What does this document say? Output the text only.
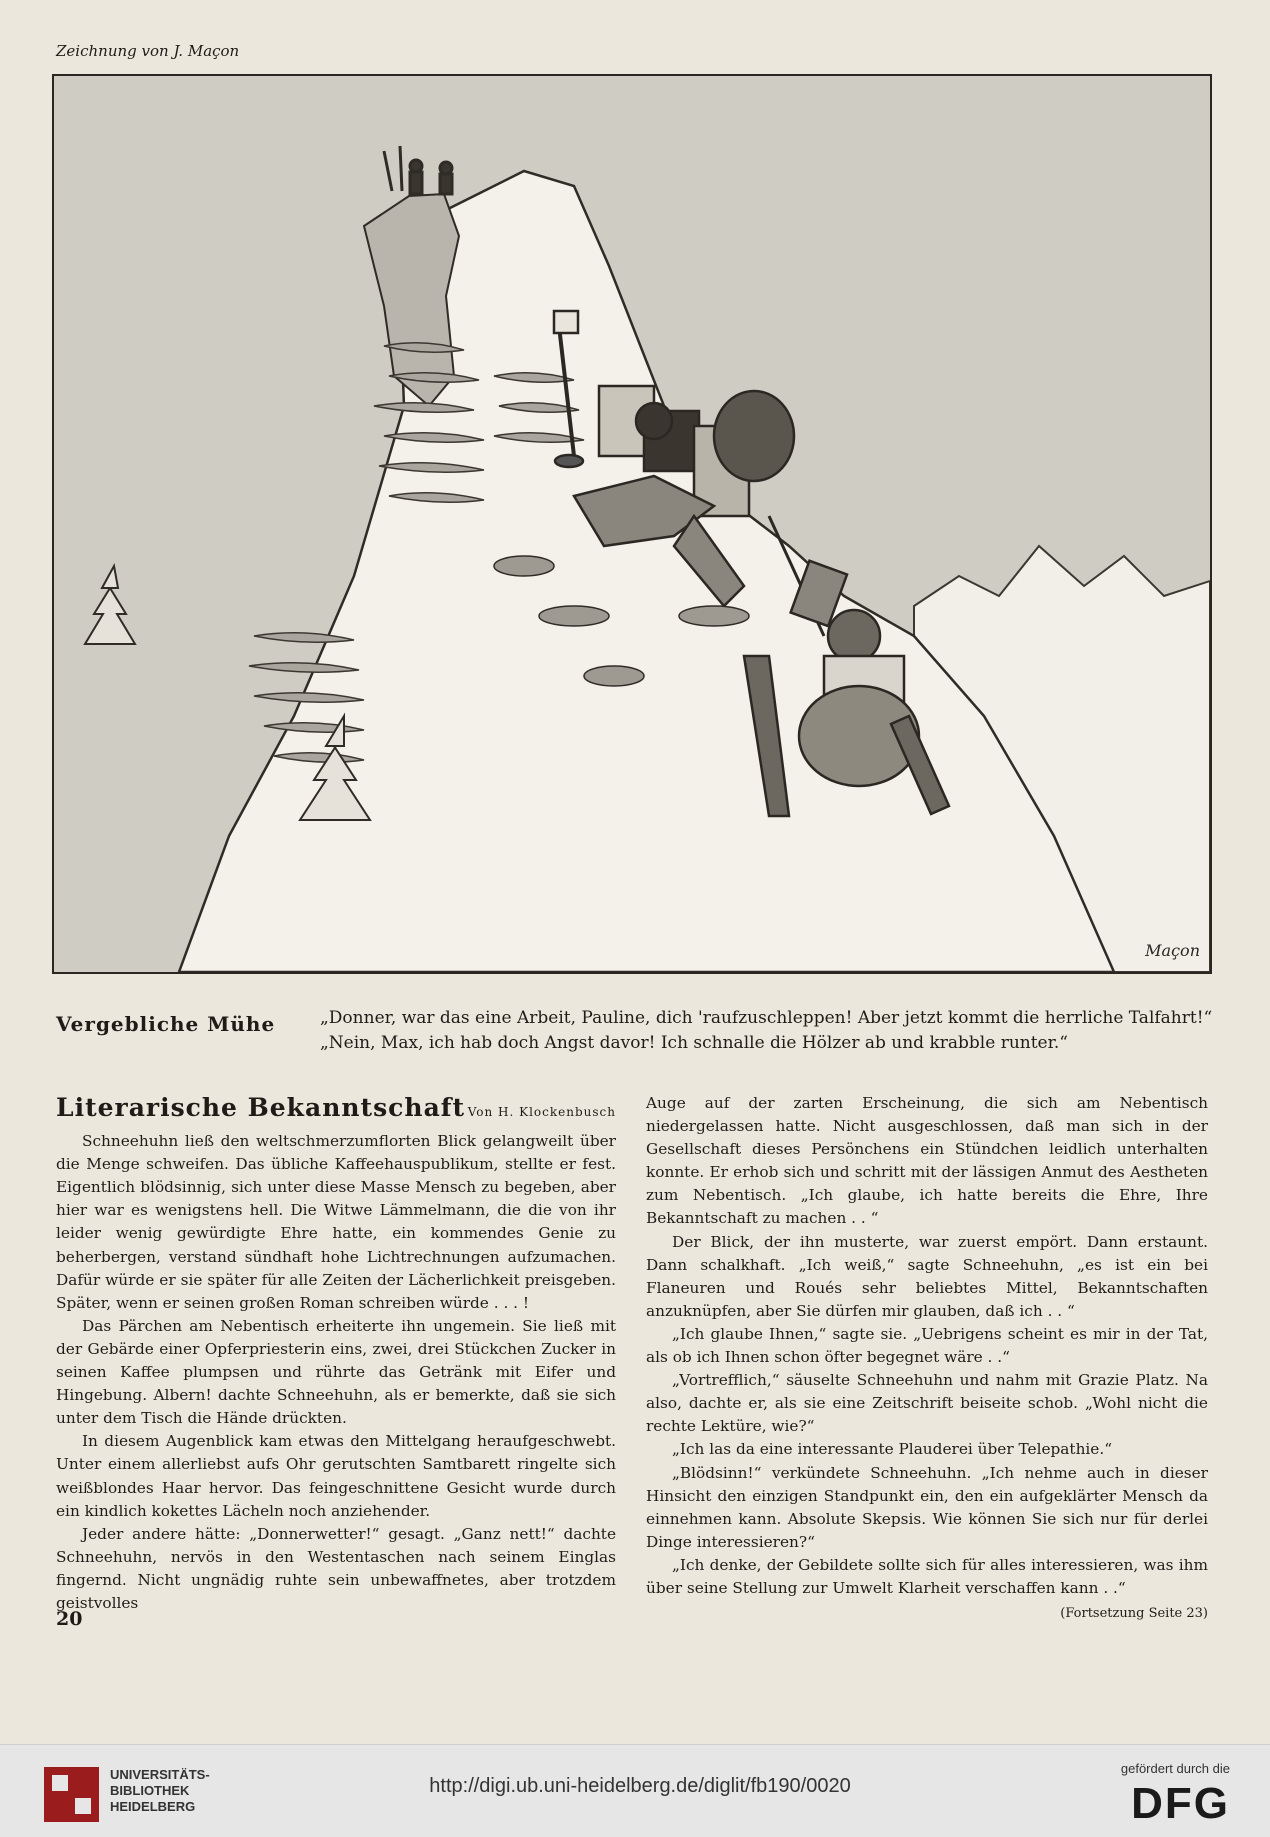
Zeichnung von J. Maçon
Maçon
Vergebliche Mühe	„Donner, war das eine Arbeit, Pauline, dich 'raufzuschleppen! Aber jetzt kommt die herrliche Talfahrt!“
„Nein, Max, ich hab doch Angst davor! Ich schnalle die Hölzer ab und krabble runter.“
Literarische Bekanntschaft Von H. Klockenbusch

Schneehuhn ließ den weltschmerzumflorten Blick gelangweilt über die Menge schweifen. Das übliche Kaffeehauspublikum, stellte er fest. Eigentlich blödsinnig, sich unter diese Masse Mensch zu begeben, aber hier war es wenigstens hell. Die Witwe Lämmelmann, die die von ihr leider wenig gewürdigte Ehre hatte, ein kommendes Genie zu beherbergen, verstand sündhaft hohe Lichtrechnungen aufzumachen. Dafür würde er sie später für alle Zeiten der Lächerlichkeit preisgeben. Später, wenn er seinen großen Roman schreiben würde . . . !

Das Pärchen am Nebentisch erheiterte ihn ungemein. Sie ließ mit der Gebärde einer Opferpriesterin eins, zwei, drei Stückchen Zucker in seinen Kaffee plumpsen und rührte das Getränk mit Eifer und Hingebung. Albern! dachte Schneehuhn, als er bemerkte, daß sie sich unter dem Tisch die Hände drückten.

In diesem Augenblick kam etwas den Mittelgang heraufgeschwebt. Unter einem allerliebst aufs Ohr gerutschten Samtbarett ringelte sich weißblondes Haar hervor. Das feingeschnittene Gesicht wurde durch ein kindlich kokettes Lächeln noch anziehender.

Jeder andere hätte: „Donnerwetter!“ gesagt. „Ganz nett!“ dachte Schneehuhn, nervös in den Westentaschen nach seinem Einglas fingernd. Nicht ungnädig ruhte sein unbewaffnetes, aber trotzdem geistvolles

Auge auf der zarten Erscheinung, die sich am Nebentisch niedergelassen hatte. Nicht ausgeschlossen, daß man sich in der Gesellschaft dieses Persönchens ein Stündchen leidlich unterhalten konnte. Er erhob sich und schritt mit der lässigen Anmut des Aestheten zum Nebentisch. „Ich glaube, ich hatte bereits die Ehre, Ihre Bekanntschaft zu machen . . “

Der Blick, der ihn musterte, war zuerst empört. Dann erstaunt. Dann schalkhaft. „Ich weiß,“ sagte Schneehuhn, „es ist ein bei Flaneuren und Roués sehr beliebtes Mittel, Bekanntschaften anzuknüpfen, aber Sie dürfen mir glauben, daß ich . . “

„Ich glaube Ihnen,“ sagte sie. „Uebrigens scheint es mir in der Tat, als ob ich Ihnen schon öfter begegnet wäre . .“

„Vortrefflich,“ säuselte Schneehuhn und nahm mit Grazie Platz. Na also, dachte er, als sie eine Zeitschrift beiseite schob. „Wohl nicht die rechte Lektüre, wie?“

„Ich las da eine interessante Plauderei über Telepathie.“

„Blödsinn!“ verkündete Schneehuhn. „Ich nehme auch in dieser Hinsicht den einzigen Standpunkt ein, den ein aufgeklärter Mensch da einnehmen kann. Absolute Skepsis. Wie können Sie sich nur für derlei Dinge interessieren?“

„Ich denke, der Gebildete sollte sich für alles interessieren, was ihm über seine Stellung zur Umwelt Klarheit verschaffen kann . .“

(Fortsetzung Seite 23)
20
UNIVERSITÄTS-
BIBLIOTHEK
HEIDELBERG
http://digi.ub.uni-heidelberg.de/diglit/fb190/0020
gefördert durch die
DFG
